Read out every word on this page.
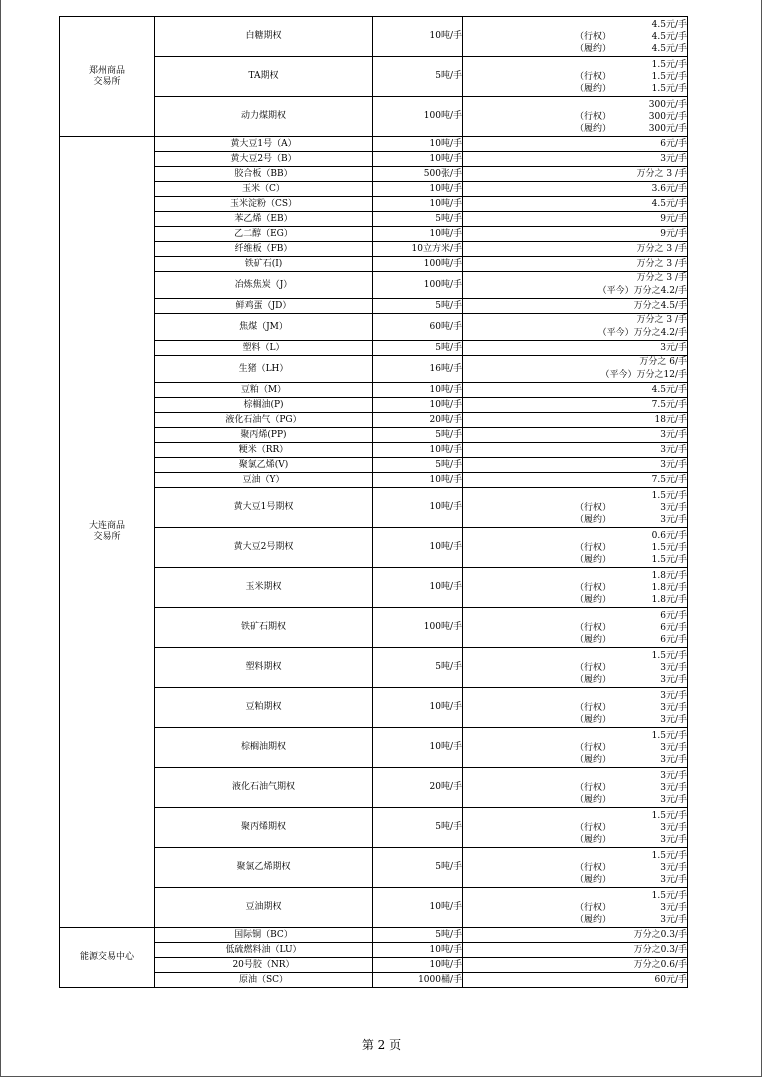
郑州商品
交易所	白糖期权	10吨/手	4.5元/手
（行权） 4.5元/手
（履约） 4.5元/手

	TA期权	5吨/手	1.5元/手
（行权） 1.5元/手
（履约） 1.5元/手

	动力煤期权	100吨/手	300元/手
（行权） 300元/手
（履约） 300元/手

大连商品
交易所	黄大豆1号（A）	10吨/手	6元/手

	黄大豆2号（B）	10吨/手	3元/手

	胶合板（BB）	500张/手	万分之 3 /手

	玉米（C）	10吨/手	3.6元/手

	玉米淀粉（CS）	10吨/手	4.5元/手

	苯乙烯（EB）	5吨/手	9元/手

	乙二醇（EG）	10吨/手	9元/手

	纤维板（FB）	10立方米/手	万分之 3 /手

	铁矿石(I)	100吨/手	万分之 3 /手

	冶炼焦炭（J）	100吨/手	万分之 3 /手
（平今）万分之4.2/手

	鲜鸡蛋（JD）	5吨/手	万分之4.5/手

	焦煤（JM）	60吨/手	万分之 3 /手
（平今）万分之4.2/手

	塑料（L）	5吨/手	3元/手

	生猪（LH）	16吨/手	万分之 6/手
（平今）万分之12/手

	豆粕（M）	10吨/手	4.5元/手

	棕榈油(P)	10吨/手	7.5元/手

	液化石油气（PG）	20吨/手	18元/手

	聚丙烯(PP)	5吨/手	3元/手

	粳米（RR）	10吨/手	3元/手

	聚氯乙烯(V)	5吨/手	3元/手

	豆油（Y）	10吨/手	7.5元/手

	黄大豆1号期权	10吨/手	1.5元/手
（行权） 3元/手
（履约） 3元/手

	黄大豆2号期权	10吨/手	0.6元/手
（行权） 1.5元/手
（履约） 1.5元/手

	玉米期权	10吨/手	1.8元/手
（行权） 1.8元/手
（履约） 1.8元/手

	铁矿石期权	100吨/手	6元/手
（行权） 6元/手
（履约） 6元/手

	塑料期权	5吨/手	1.5元/手
（行权） 3元/手
（履约） 3元/手

	豆粕期权	10吨/手	3元/手
（行权） 3元/手
（履约） 3元/手

	棕榈油期权	10吨/手	1.5元/手
（行权） 3元/手
（履约） 3元/手

	液化石油气期权	20吨/手	3元/手
（行权） 3元/手
（履约） 3元/手

	聚丙烯期权	5吨/手	1.5元/手
（行权） 3元/手
（履约） 3元/手

	聚氯乙烯期权	5吨/手	1.5元/手
（行权） 3元/手
（履约） 3元/手

	豆油期权	10吨/手	1.5元/手
（行权） 3元/手
（履约） 3元/手

能源交易中心	国际铜（BC）	5吨/手	万分之0.3/手

	低硫燃料油（LU）	10吨/手	万分之0.3/手

	20号胶（NR）	10吨/手	万分之0.6/手

	原油（SC）	1000桶/手	60元/手
第 2 页
